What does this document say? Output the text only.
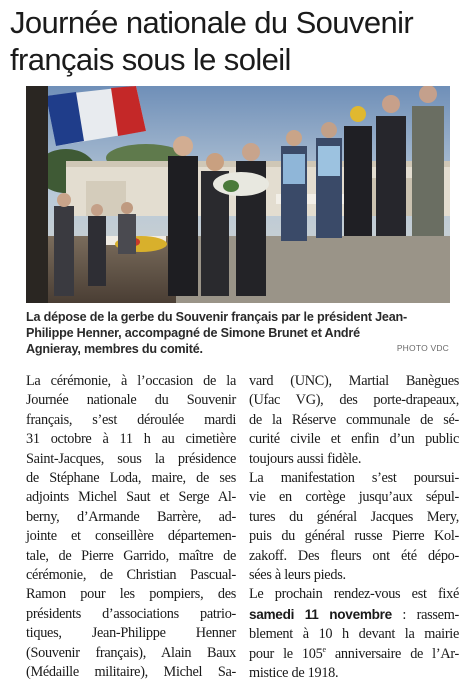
Journée nationale du Souvenir
français sous le soleil
La dépose de la gerbe du Souvenir français par le président Jean-
Philippe Henner, accompagné de Simone Brunet et André
Agnieray, membres du comité.	PHOTO VDC

La cérémonie, à l’occasion de la
Journée nationale du Souvenir
français, s’est déroulée mardi
31 octobre à 11 h au cimetière
Saint-Jacques, sous la présidence
de Stéphane Loda, maire, de ses
adjoints Michel Saut et Serge Al-
berny, d’Armande Barrère, ad-
jointe et conseillère départemen-
tale, de Pierre Garrido, maître de
cérémonie, de Christian Pascual-
Ramon pour les pompiers, des
présidents d’associations patrio-
tiques, Jean-Philippe Henner
(Souvenir français), Alain Baux
(Médaille militaire), Michel Sa-

vard (UNC), Martial Banègues
(Ufac VG), des porte-drapeaux,
de la Réserve communale de sé-
curité civile et enfin d’un public
toujours aussi fidèle.

La manifestation s’est poursui-
vie en cortège jusqu’aux sépul-
tures du général Jacques Mery,
puis du général russe Pierre Kol-
zakoff. Des fleurs ont été dépo-
sées à leurs pieds.

Le prochain rendez-vous est fixé
samedi 11 novembre : rassem-
blement à 10 h devant la mairie
pour le 105e anniversaire de l’Ar-
mistice de 1918.
